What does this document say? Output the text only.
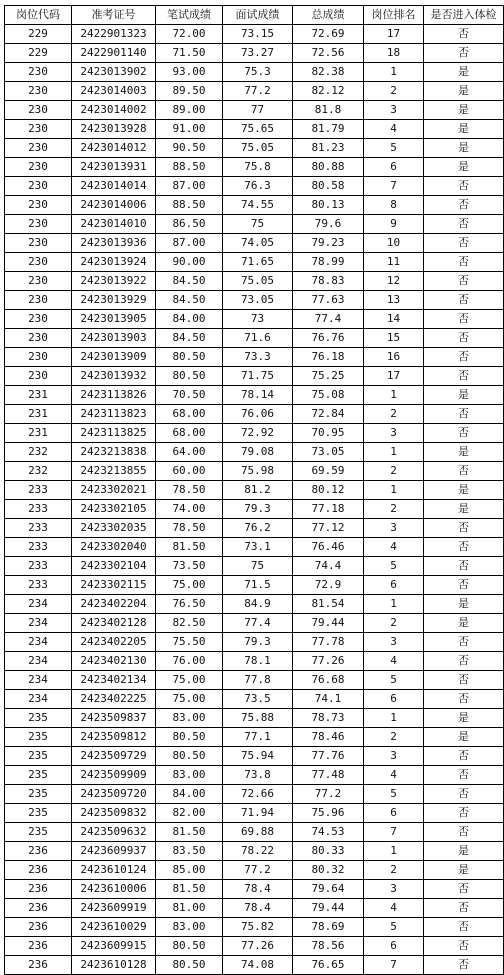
岗位代码	准考证号	笔试成绩	面试成绩	总成绩	岗位排名	是否进入体检
229	2422901323	72.00	73.15	72.69	17	否
229	2422901140	71.50	73.27	72.56	18	否
230	2423013902	93.00	75.3	82.38	1	是
230	2423014003	89.50	77.2	82.12	2	是
230	2423014002	89.00	77	81.8	3	是
230	2423013928	91.00	75.65	81.79	4	是
230	2423014012	90.50	75.05	81.23	5	是
230	2423013931	88.50	75.8	80.88	6	是
230	2423014014	87.00	76.3	80.58	7	否
230	2423014006	88.50	74.55	80.13	8	否
230	2423014010	86.50	75	79.6	9	否
230	2423013936	87.00	74.05	79.23	10	否
230	2423013924	90.00	71.65	78.99	11	否
230	2423013922	84.50	75.05	78.83	12	否
230	2423013929	84.50	73.05	77.63	13	否
230	2423013905	84.00	73	77.4	14	否
230	2423013903	84.50	71.6	76.76	15	否
230	2423013909	80.50	73.3	76.18	16	否
230	2423013932	80.50	71.75	75.25	17	否
231	2423113826	70.50	78.14	75.08	1	是
231	2423113823	68.00	76.06	72.84	2	否
231	2423113825	68.00	72.92	70.95	3	否
232	2423213838	64.00	79.08	73.05	1	是
232	2423213855	60.00	75.98	69.59	2	否
233	2423302021	78.50	81.2	80.12	1	是
233	2423302105	74.00	79.3	77.18	2	是
233	2423302035	78.50	76.2	77.12	3	否
233	2423302040	81.50	73.1	76.46	4	否
233	2423302104	73.50	75	74.4	5	否
233	2423302115	75.00	71.5	72.9	6	否
234	2423402204	76.50	84.9	81.54	1	是
234	2423402128	82.50	77.4	79.44	2	是
234	2423402205	75.50	79.3	77.78	3	否
234	2423402130	76.00	78.1	77.26	4	否
234	2423402134	75.00	77.8	76.68	5	否
234	2423402225	75.00	73.5	74.1	6	否
235	2423509837	83.00	75.88	78.73	1	是
235	2423509812	80.50	77.1	78.46	2	是
235	2423509729	80.50	75.94	77.76	3	否
235	2423509909	83.00	73.8	77.48	4	否
235	2423509720	84.00	72.66	77.2	5	否
235	2423509832	82.00	71.94	75.96	6	否
235	2423509632	81.50	69.88	74.53	7	否
236	2423609937	83.50	78.22	80.33	1	是
236	2423610124	85.00	77.2	80.32	2	是
236	2423610006	81.50	78.4	79.64	3	否
236	2423609919	81.00	78.4	79.44	4	否
236	2423610029	83.00	75.82	78.69	5	否
236	2423609915	80.50	77.26	78.56	6	否
236	2423610128	80.50	74.08	76.65	7	否
